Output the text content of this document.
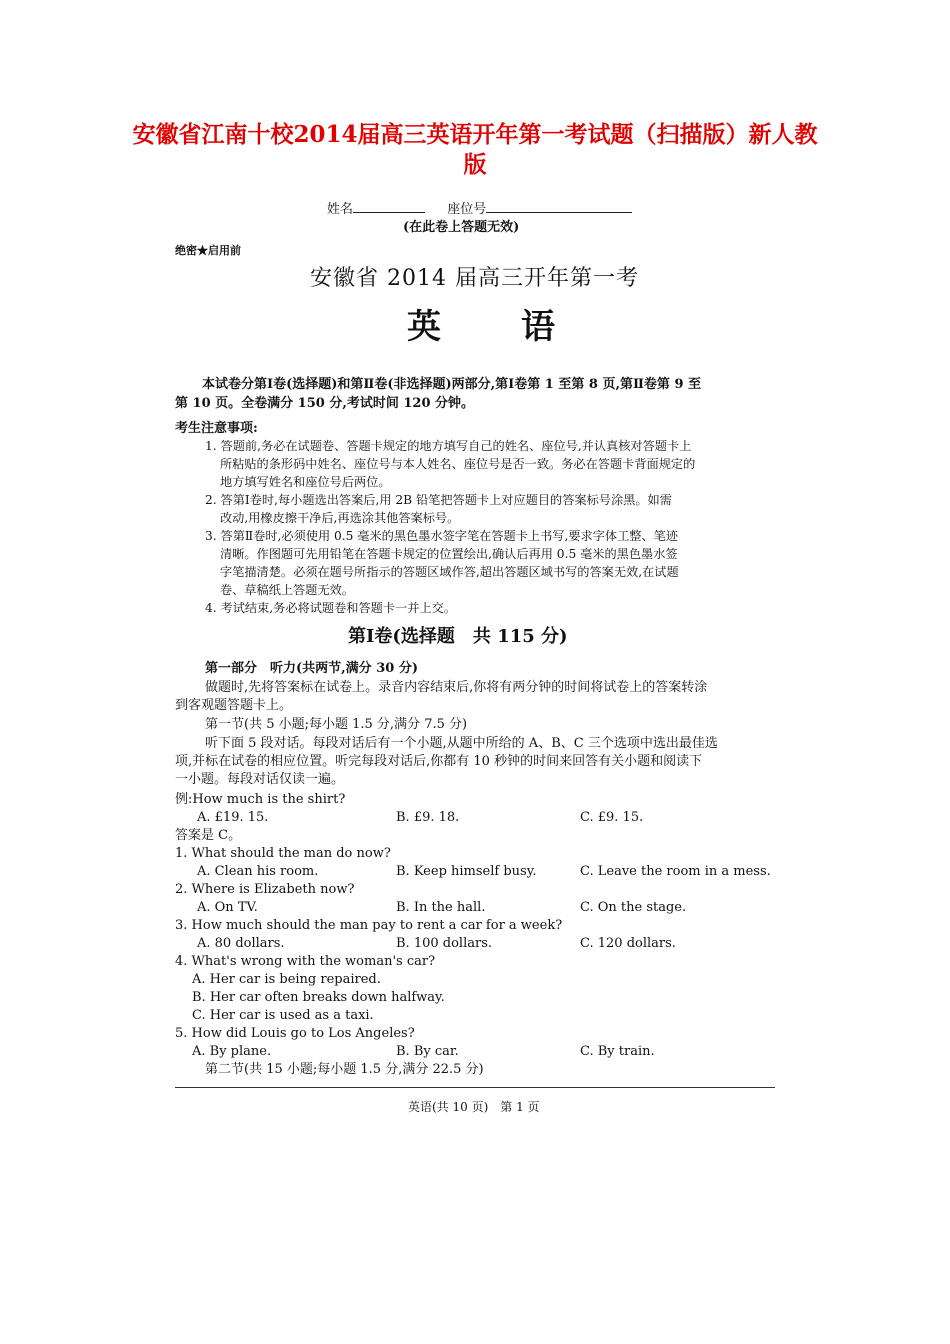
安徽省江南十校2014届高三英语开年第一考试题（扫描版）新人教版
姓名	座位号
(在此卷上答题无效)
绝密★启用前
安徽省 2014 届高三开年第一考
英　　语
本试卷分第Ⅰ卷(选择题)和第Ⅱ卷(非选择题)两部分,第Ⅰ卷第 1 至第 8 页,第Ⅱ卷第 9 至
第 10 页。全卷满分 150 分,考试时间 120 分钟。
考生注意事项:
1. 答题前,务必在试题卷、答题卡规定的地方填写自己的姓名、座位号,并认真核对答题卡上
所粘贴的条形码中姓名、座位号与本人姓名、座位号是否一致。务必在答题卡背面规定的
地方填写姓名和座位号后两位。
2. 答第Ⅰ卷时,每小题选出答案后,用 2B 铅笔把答题卡上对应题目的答案标号涂黑。如需
改动,用橡皮擦干净后,再选涂其他答案标号。
3. 答第Ⅱ卷时,必须使用 0.5 毫米的黑色墨水签字笔在答题卡上书写,要求字体工整、笔迹
清晰。作图题可先用铅笔在答题卡规定的位置绘出,确认后再用 0.5 毫米的黑色墨水签
字笔描清楚。必须在题号所指示的答题区域作答,超出答题区域书写的答案无效,在试题
卷、草稿纸上答题无效。
4. 考试结束,务必将试题卷和答题卡一并上交。
第Ⅰ卷(选择题　共 115 分)
第一部分　听力(共两节,满分 30 分)
做题时,先将答案标在试卷上。录音内容结束后,你将有两分钟的时间将试卷上的答案转涂
到客观题答题卡上。
第一节(共 5 小题;每小题 1.5 分,满分 7.5 分)
听下面 5 段对话。每段对话后有一个小题,从题中所给的 A、B、C 三个选项中选出最佳选
项,并标在试卷的相应位置。听完每段对话后,你都有 10 秒钟的时间来回答有关小题和阅读下
一小题。每段对话仅读一遍。
例:How much is the shirt?
A. £19. 15.	B. £9. 18.	C. £9. 15.
答案是 C。
1. What should the man do now?
A. Clean his room.	B. Keep himself busy.	C. Leave the room in a mess.
2. Where is Elizabeth now?
A. On TV.	B. In the hall.	C. On the stage.
3. How much should the man pay to rent a car for a week?
A. 80 dollars.	B. 100 dollars.	C. 120 dollars.
4. What's wrong with the woman's car?
A. Her car is being repaired.
B. Her car often breaks down halfway.
C. Her car is used as a taxi.
5. How did Louis go to Los Angeles?
A. By plane.	B. By car.	C. By train.
第二节(共 15 小题;每小题 1.5 分,满分 22.5 分)
英语(共 10 页)　第 1 页
